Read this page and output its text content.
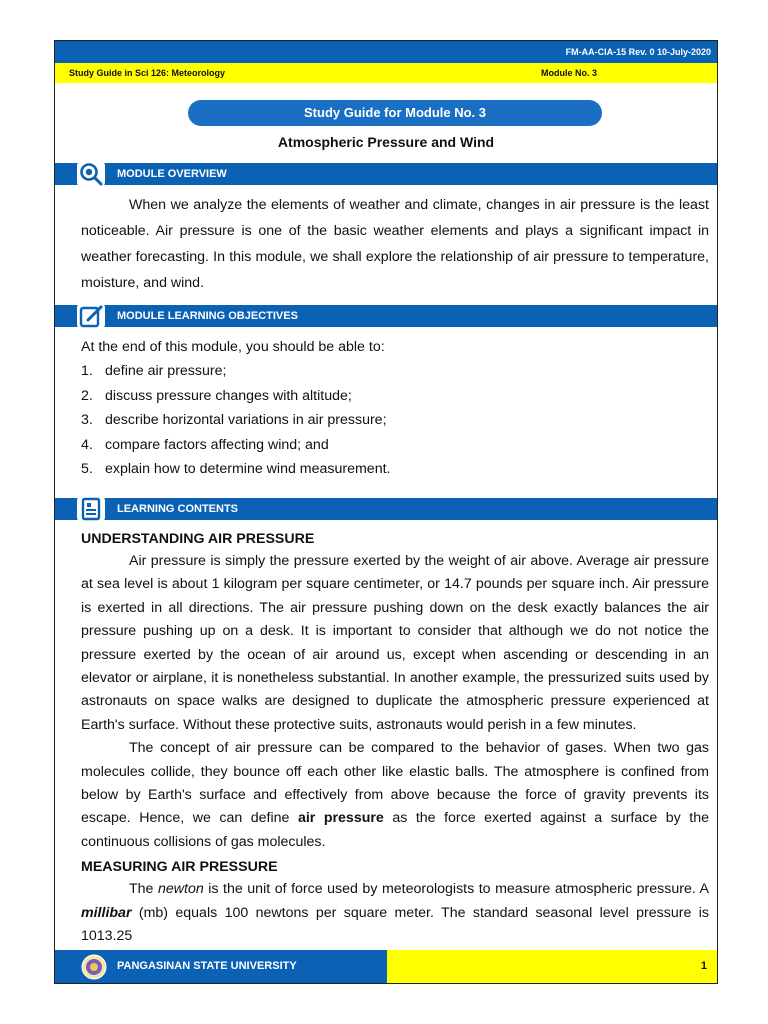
FM-AA-CIA-15 Rev. 0 10-July-2020
Study Guide in Sci 126: Meteorology	Module No. 3
Study Guide for Module No. 3
Atmospheric Pressure and Wind
MODULE OVERVIEW

When we analyze the elements of weather and climate, changes in air pressure is the least noticeable. Air pressure is one of the basic weather elements and plays a significant impact in weather forecasting. In this module, we shall explore the relationship of air pressure to temperature, moisture, and wind.

MODULE LEARNING OBJECTIVES

At the end of this module, you should be able to:

1. define air pressure;
2. discuss pressure changes with altitude;
3. describe horizontal variations in air pressure;
4. compare factors affecting wind; and
5. explain how to determine wind measurement.
LEARNING CONTENTS

UNDERSTANDING AIR PRESSURE

Air pressure is simply the pressure exerted by the weight of air above. Average air pressure at sea level is about 1 kilogram per square centimeter, or 14.7 pounds per square inch. Air pressure is exerted in all directions. The air pressure pushing down on the desk exactly balances the air pressure pushing up on a desk. It is important to consider that although we do not notice the pressure exerted by the ocean of air around us, except when ascending or descending in an elevator or airplane, it is nonetheless substantial. In another example, the pressurized suits used by astronauts on space walks are designed to duplicate the atmospheric pressure experienced at Earth's surface. Without these protective suits, astronauts would perish in a few minutes.

The concept of air pressure can be compared to the behavior of gases. When two gas molecules collide, they bounce off each other like elastic balls. The atmosphere is confined from below by Earth's surface and effectively from above because the force of gravity prevents its escape. Hence, we can define air pressure as the force exerted against a surface by the continuous collisions of gas molecules.

MEASURING AIR PRESSURE

The newton is the unit of force used by meteorologists to measure atmospheric pressure. A millibar (mb) equals 100 newtons per square meter. The standard seasonal level pressure is 1013.25

PANGASINAN STATE UNIVERSITY	1
